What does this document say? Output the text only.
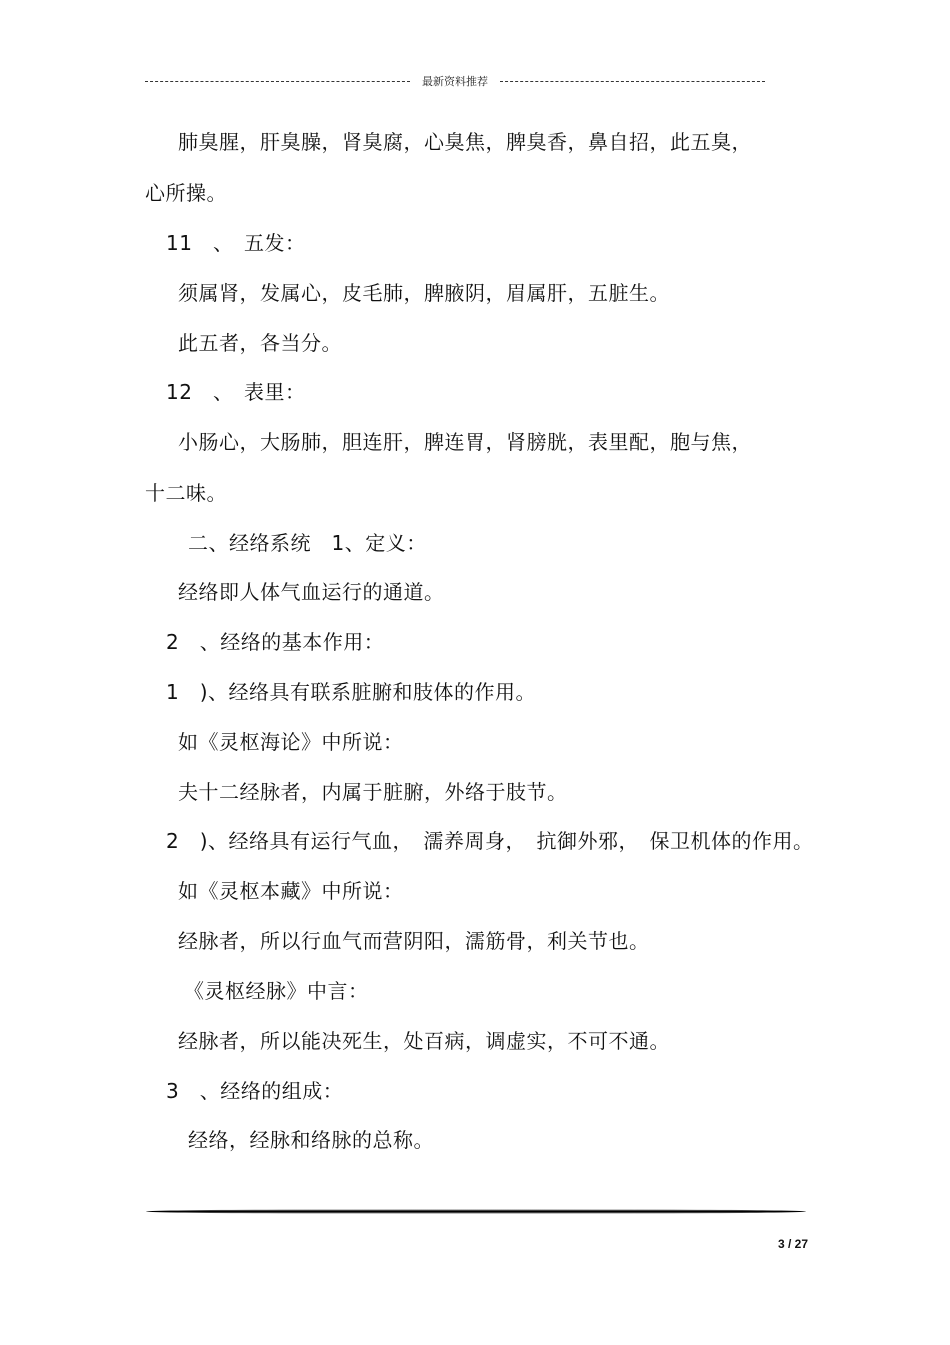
最新资料推荐
肺臭腥，肝臭臊，肾臭腐，心臭焦，脾臭香，鼻自招，此五臭，
心所操。
11　、　五发：
须属肾，发属心，皮毛肺，脾腋阴，眉属肝，五脏生。
此五者，各当分。
12　、　表里：
小肠心，大肠肺，胆连肝，脾连胃，肾膀胱，表里配，胞与焦，
十二味。
二、经络系统　1、定义：
经络即人体气血运行的通道。
2　、经络的基本作用：
1　)、经络具有联系脏腑和肢体的作用。
如《灵枢海论》中所说：
夫十二经脉者，内属于脏腑，外络于肢节。
2　)、经络具有运行气血，　濡养周身，　抗御外邪，　保卫机体的作用。
如《灵枢本藏》中所说：
经脉者，所以行血气而营阴阳，濡筋骨，利关节也。
《灵枢经脉》中言：
经脉者，所以能决死生，处百病，调虚实，不可不通。
3　、经络的组成：
经络，经脉和络脉的总称。
3 / 27
